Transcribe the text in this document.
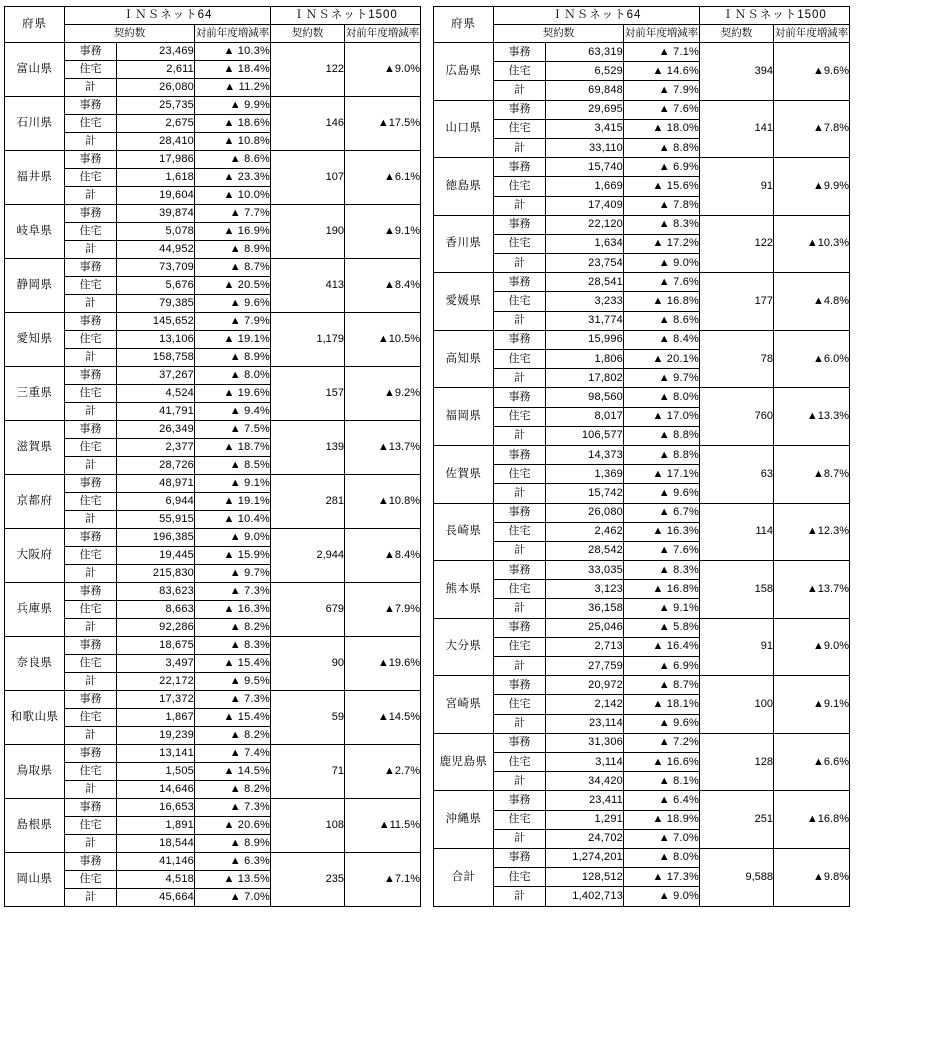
府県	ＩＮＳネット64			ＩＮＳネット1500	
	契約数		対前年度増減率	契約数	対前年度増減率
富山県	事務	23,469	▲ 10.3%	122	▲9.0%
	住宅	2,611	▲ 18.4%		
	計	26,080	▲ 11.2%		
石川県	事務	25,735	▲ 9.9%	146	▲17.5%
	住宅	2,675	▲ 18.6%		
	計	28,410	▲ 10.8%		
福井県	事務	17,986	▲ 8.6%	107	▲6.1%
	住宅	1,618	▲ 23.3%		
	計	19,604	▲ 10.0%		
岐阜県	事務	39,874	▲ 7.7%	190	▲9.1%
	住宅	5,078	▲ 16.9%		
	計	44,952	▲ 8.9%		
静岡県	事務	73,709	▲ 8.7%	413	▲8.4%
	住宅	5,676	▲ 20.5%		
	計	79,385	▲ 9.6%		
愛知県	事務	145,652	▲ 7.9%	1,179	▲10.5%
	住宅	13,106	▲ 19.1%		
	計	158,758	▲ 8.9%		
三重県	事務	37,267	▲ 8.0%	157	▲9.2%
	住宅	4,524	▲ 19.6%		
	計	41,791	▲ 9.4%		
滋賀県	事務	26,349	▲ 7.5%	139	▲13.7%
	住宅	2,377	▲ 18.7%		
	計	28,726	▲ 8.5%		
京都府	事務	48,971	▲ 9.1%	281	▲10.8%
	住宅	6,944	▲ 19.1%		
	計	55,915	▲ 10.4%		
大阪府	事務	196,385	▲ 9.0%	2,944	▲8.4%
	住宅	19,445	▲ 15.9%		
	計	215,830	▲ 9.7%		
兵庫県	事務	83,623	▲ 7.3%	679	▲7.9%
	住宅	8,663	▲ 16.3%		
	計	92,286	▲ 8.2%		
奈良県	事務	18,675	▲ 8.3%	90	▲19.6%
	住宅	3,497	▲ 15.4%		
	計	22,172	▲ 9.5%		
和歌山県	事務	17,372	▲ 7.3%	59	▲14.5%
	住宅	1,867	▲ 15.4%		
	計	19,239	▲ 8.2%		
鳥取県	事務	13,141	▲ 7.4%	71	▲2.7%
	住宅	1,505	▲ 14.5%		
	計	14,646	▲ 8.2%		
島根県	事務	16,653	▲ 7.3%	108	▲11.5%
	住宅	1,891	▲ 20.6%		
	計	18,544	▲ 8.9%		
岡山県	事務	41,146	▲ 6.3%	235	▲7.1%
	住宅	4,518	▲ 13.5%		
	計	45,664	▲ 7.0%		
府県	ＩＮＳネット64			ＩＮＳネット1500	
	契約数		対前年度増減率	契約数	対前年度増減率
広島県	事務	63,319	▲ 7.1%	394	▲9.6%
	住宅	6,529	▲ 14.6%		
	計	69,848	▲ 7.9%		
山口県	事務	29,695	▲ 7.6%	141	▲7.8%
	住宅	3,415	▲ 18.0%		
	計	33,110	▲ 8.8%		
徳島県	事務	15,740	▲ 6.9%	91	▲9.9%
	住宅	1,669	▲ 15.6%		
	計	17,409	▲ 7.8%		
香川県	事務	22,120	▲ 8.3%	122	▲10.3%
	住宅	1,634	▲ 17.2%		
	計	23,754	▲ 9.0%		
愛媛県	事務	28,541	▲ 7.6%	177	▲4.8%
	住宅	3,233	▲ 16.8%		
	計	31,774	▲ 8.6%		
高知県	事務	15,996	▲ 8.4%	78	▲6.0%
	住宅	1,806	▲ 20.1%		
	計	17,802	▲ 9.7%		
福岡県	事務	98,560	▲ 8.0%	760	▲13.3%
	住宅	8,017	▲ 17.0%		
	計	106,577	▲ 8.8%		
佐賀県	事務	14,373	▲ 8.8%	63	▲8.7%
	住宅	1,369	▲ 17.1%		
	計	15,742	▲ 9.6%		
長崎県	事務	26,080	▲ 6.7%	114	▲12.3%
	住宅	2,462	▲ 16.3%		
	計	28,542	▲ 7.6%		
熊本県	事務	33,035	▲ 8.3%	158	▲13.7%
	住宅	3,123	▲ 16.8%		
	計	36,158	▲ 9.1%		
大分県	事務	25,046	▲ 5.8%	91	▲9.0%
	住宅	2,713	▲ 16.4%		
	計	27,759	▲ 6.9%		
宮崎県	事務	20,972	▲ 8.7%	100	▲9.1%
	住宅	2,142	▲ 18.1%		
	計	23,114	▲ 9.6%		
鹿児島県	事務	31,306	▲ 7.2%	128	▲6.6%
	住宅	3,114	▲ 16.6%		
	計	34,420	▲ 8.1%		
沖縄県	事務	23,411	▲ 6.4%	251	▲16.8%
	住宅	1,291	▲ 18.9%		
	計	24,702	▲ 7.0%		
合計	事務	1,274,201	▲ 8.0%	9,588	▲9.8%
	住宅	128,512	▲ 17.3%		
	計	1,402,713	▲ 9.0%		
